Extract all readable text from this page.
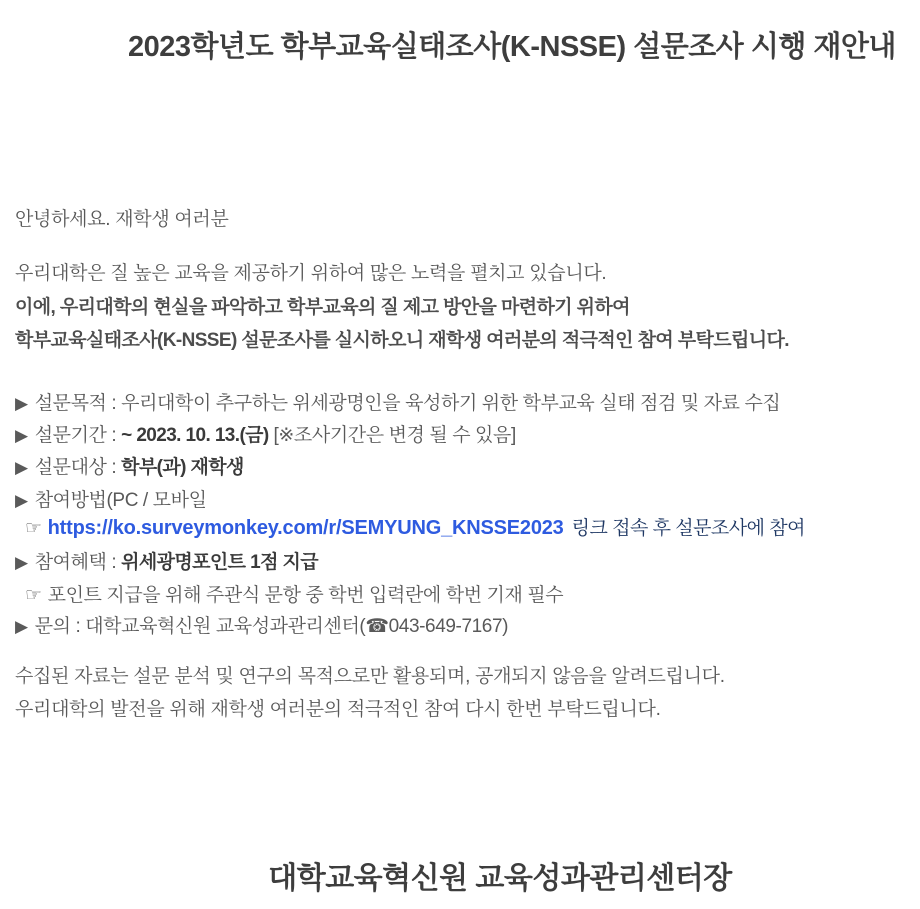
2023학년도 학부교육실태조사(K-NSSE) 설문조사 시행 재안내
안녕하세요. 재학생 여러분
우리대학은 질 높은 교육을 제공하기 위하여 많은 노력을 펼치고 있습니다.
이에, 우리대학의 현실을 파악하고 학부교육의 질 제고 방안을 마련하기 위하여
학부교육실태조사(K-NSSE) 설문조사를 실시하오니 재학생 여러분의 적극적인 참여 부탁드립니다.
▶ 설문목적 : 우리대학이 추구하는 위세광명인을 육성하기 위한 학부교육 실태 점검 및 자료 수집
▶ 설문기간 : ~ 2023. 10. 13.(금) [※조사기간은 변경 될 수 있음]
▶ 설문대상 : 학부(과) 재학생
▶ 참여방법(PC / 모바일
☞ https://ko.surveymonkey.com/r/SEMYUNG_KNSSE2023 링크 접속 후 설문조사에 참여
▶ 참여혜택 : 위세광명포인트 1점 지급
☞ 포인트 지급을 위해 주관식 문항 중 학번 입력란에 학번 기재 필수
▶ 문의 : 대학교육혁신원 교육성과관리센터(☎043-649-7167)
수집된 자료는 설문 분석 및 연구의 목적으로만 활용되며, 공개되지 않음을 알려드립니다.
우리대학의 발전을 위해 재학생 여러분의 적극적인 참여 다시 한번 부탁드립니다.
대학교육혁신원 교육성과관리센터장
